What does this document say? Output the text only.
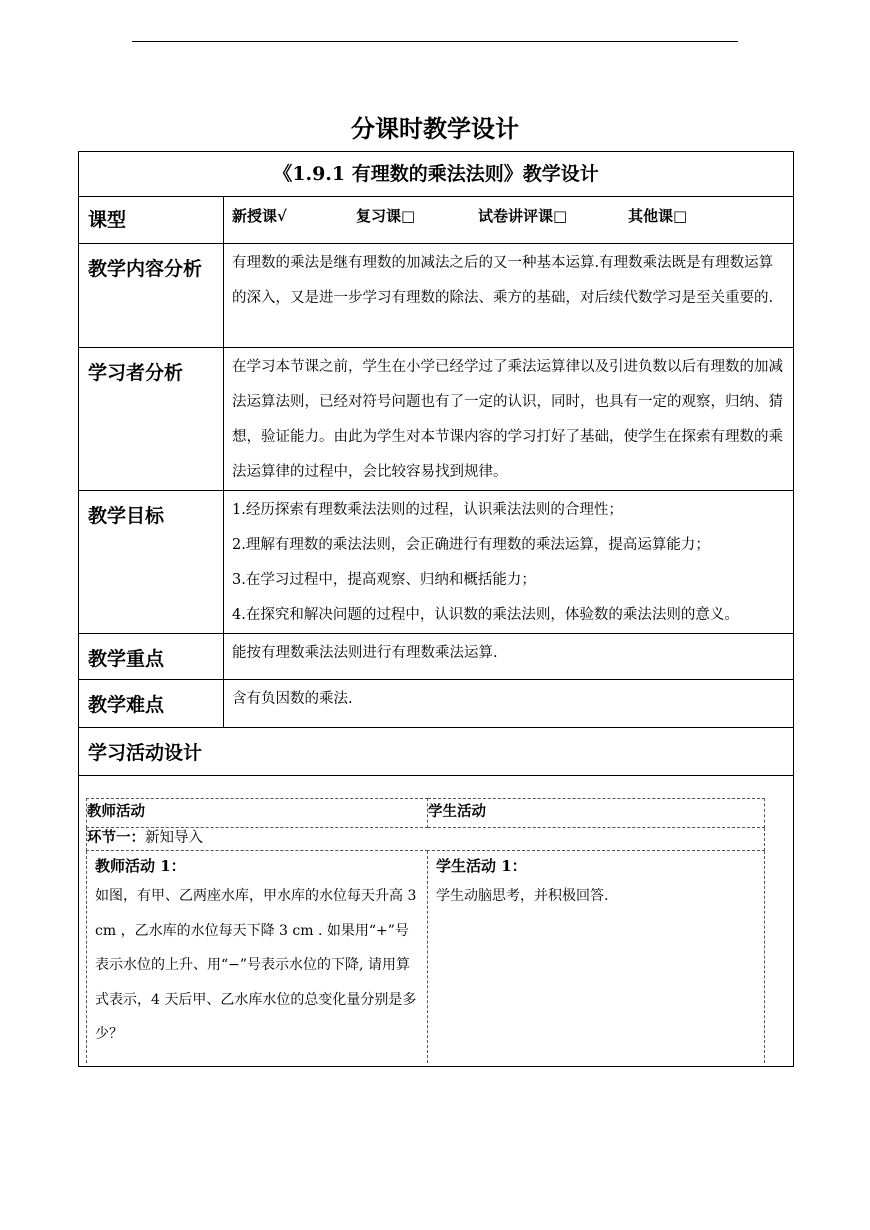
分课时教学设计
《1.9.1 有理数的乘法法则》教学设计
课型	新授课√	复习课□	试卷讲评课□	其他课□
教学内容分析	有理数的乘法是继有理数的加减法之后的又一种基本运算.有理数乘法既是有理数运算的深入，又是进一步学习有理数的除法、乘方的基础，对后续代数学习是至关重要的.
学习者分析	在学习本节课之前，学生在小学已经学过了乘法运算律以及引进负数以后有理数的加减法运算法则，已经对符号问题也有了一定的认识，同时，也具有一定的观察，归纳、猜想，验证能力。由此为学生对本节课内容的学习打好了基础，使学生在探索有理数的乘法运算律的过程中，会比较容易找到规律。
教学目标	1.经历探索有理数乘法法则的过程，认识乘法法则的合理性；
2.理解有理数的乘法法则，会正确进行有理数的乘法运算，提高运算能力；
3.在学习过程中，提高观察、归纳和概括能力；
4.在探究和解决问题的过程中，认识数的乘法法则，体验数的乘法法则的意义。

教学重点	能按有理数乘法法则进行有理数乘法运算.
教学难点	含有负因数的乘法.
学习活动设计

教师活动	学生活动
环节一：新知导入

教师活动 1：
如图，有甲、乙两座水库，甲水库的水位每天升高 3 cm ，乙水库的水位每天下降 3 cm . 如果用“+”号表示水位的上升、用“−”号表示水位的下降, 请用算式表示，4 天后甲、乙水库水位的总变化量分别是多少？

学生活动 1：
学生动脑思考，并积极回答.
